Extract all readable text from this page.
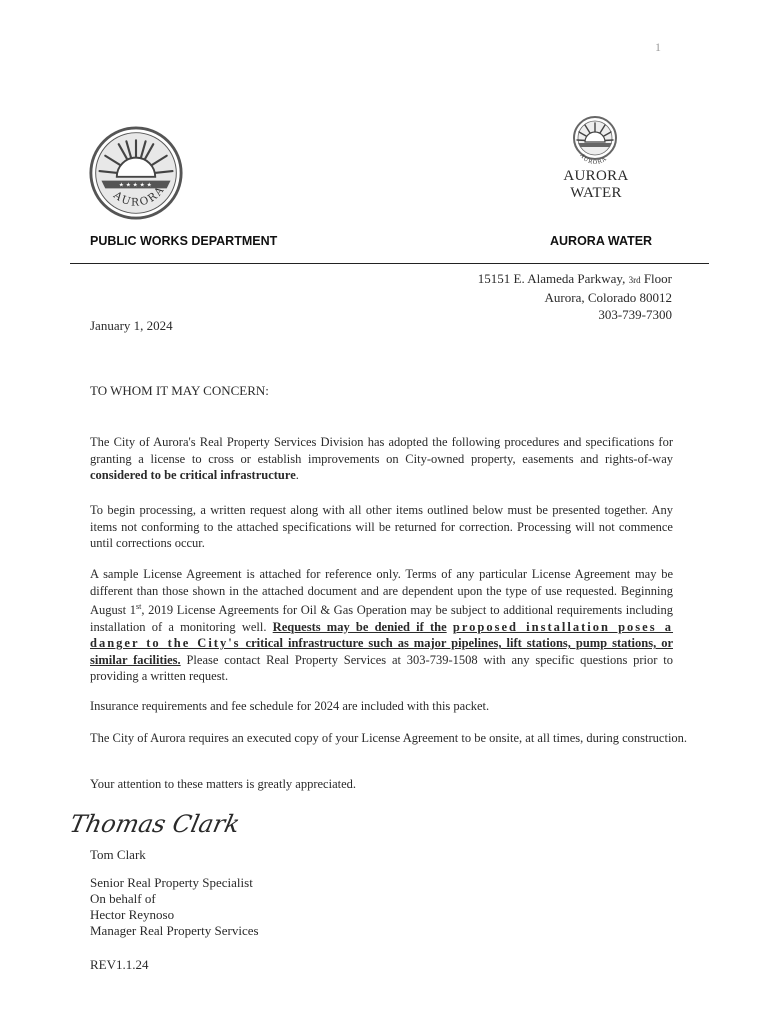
1
★ ★ ★ ★ ★
AURORA
AURORA
AURORA
WATER
PUBLIC WORKS DEPARTMENT	AURORA WATER
15151 E. Alameda Parkway, 3rd Floor
Aurora, Colorado 80012
303-739-7300
January 1, 2024
TO WHOM IT MAY CONCERN:
The City of Aurora's Real Property Services Division has adopted the following procedures and specifications for granting a license to cross or establish improvements on City-owned property, easements and rights-of-way considered to be critical infrastructure.
To begin processing, a written request along with all other items outlined below must be presented together. Any items not conforming to the attached specifications will be returned for correction. Processing will not commence until corrections occur.
A sample License Agreement is attached for reference only. Terms of any particular License Agreement may be different than those shown in the attached document and are dependent upon the type of use requested. Beginning August 1st, 2019 License Agreements for Oil & Gas Operation may be subject to additional requirements including installation of a monitoring well. Requests may be denied if the proposed installation poses a danger to the City's critical infrastructure such as major pipelines, lift stations, pump stations, or similar facilities. Please contact Real Property Services at 303-739-1508 with any specific questions prior to providing a written request.
Insurance requirements and fee schedule for 2024 are included with this packet.
The City of Aurora requires an executed copy of your License Agreement to be onsite, at all times, during construction.
Your attention to these matters is greatly appreciated.
Thomas Clark
Tom Clark
Senior Real Property Specialist
On behalf of
Hector Reynoso
Manager Real Property Services
REV1.1.24
